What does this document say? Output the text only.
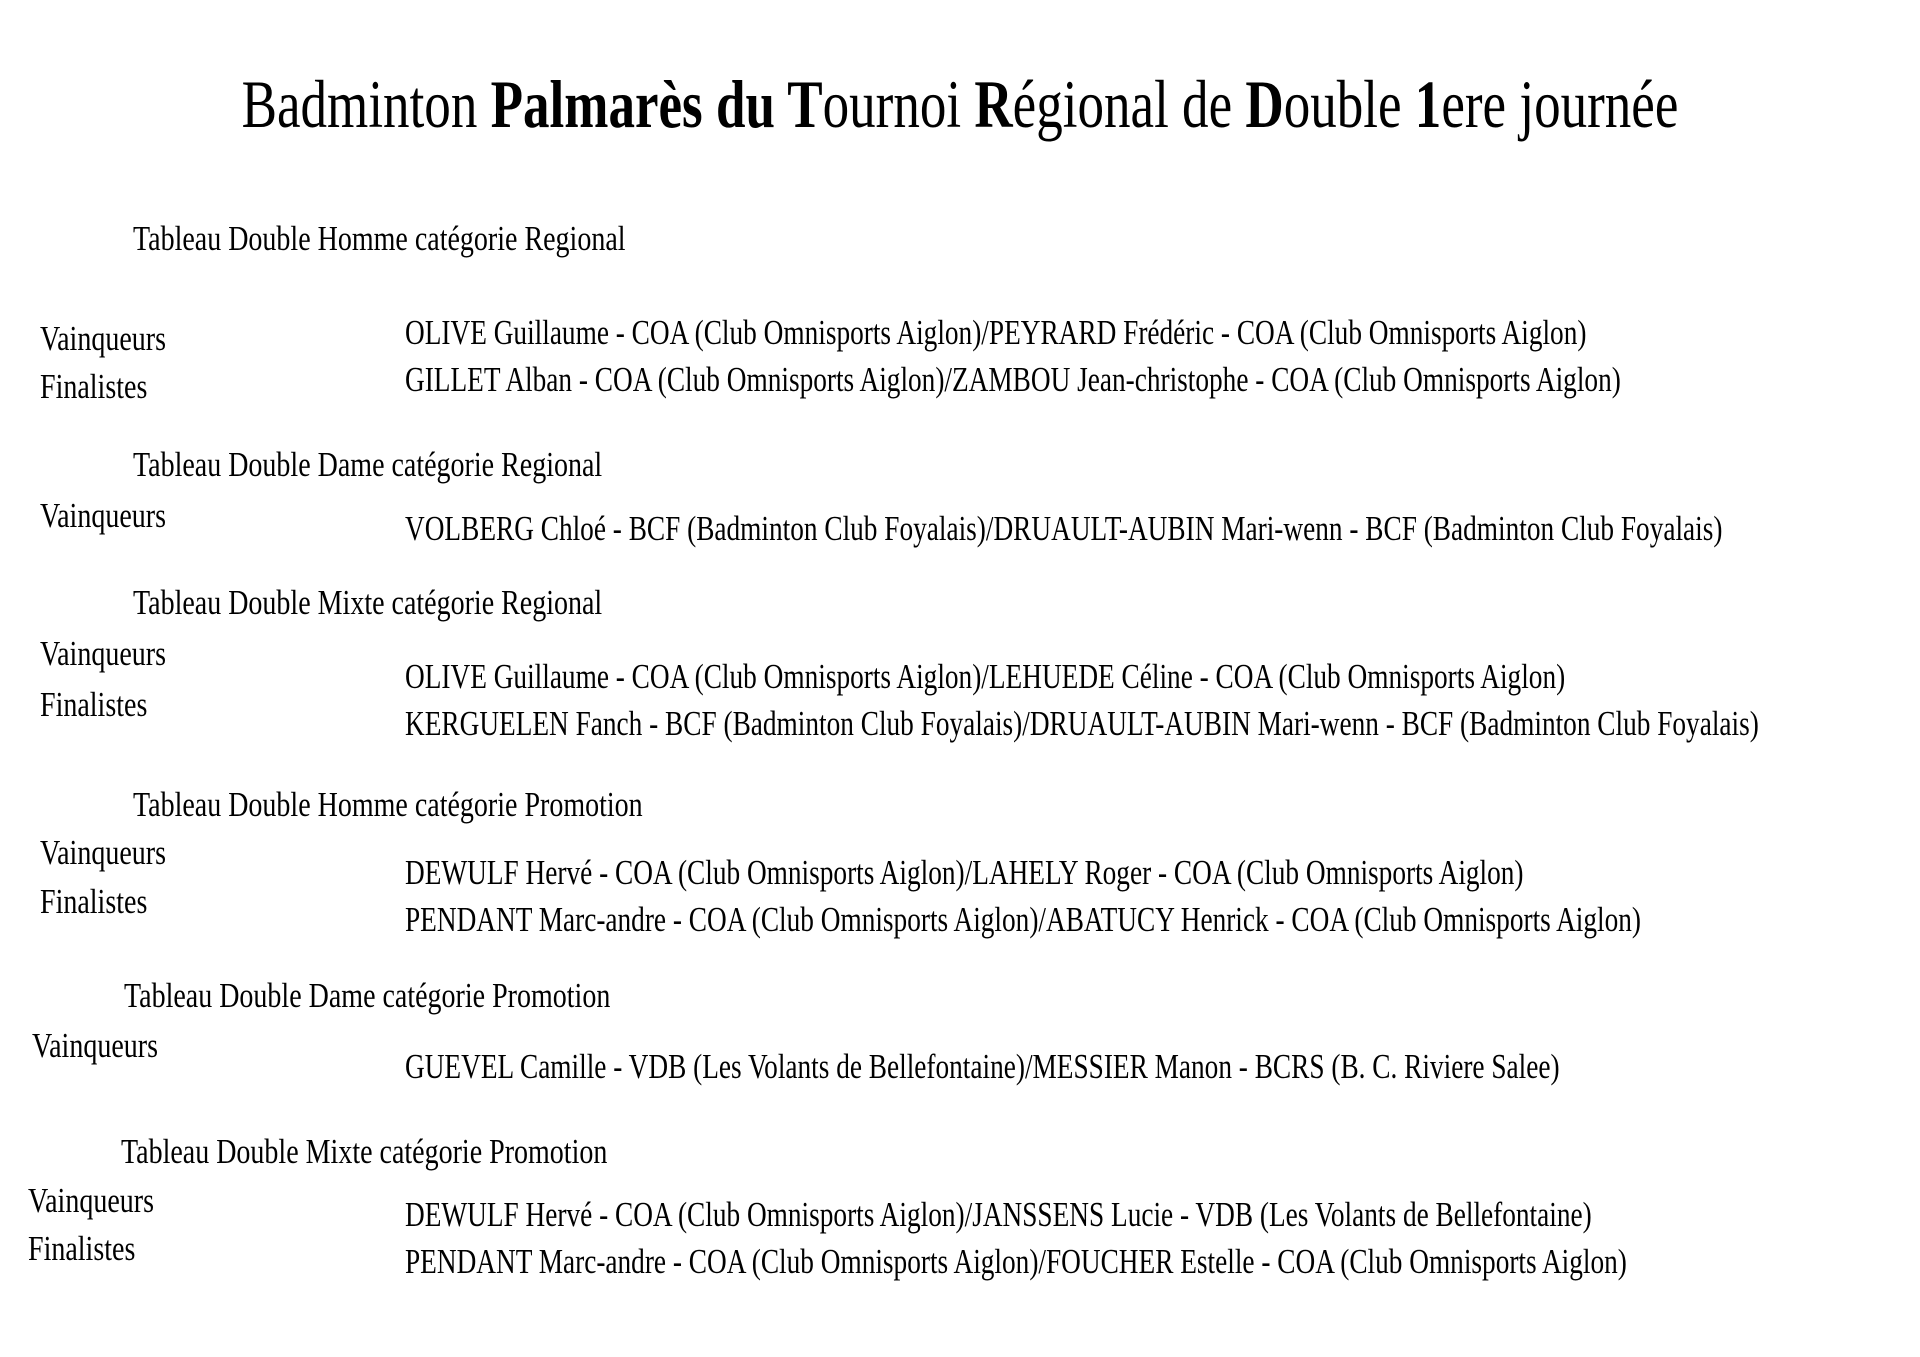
Badminton Palmarès du Tournoi Régional de Double 1ere journée
Tableau Double Homme catégorie Regional
Vainqueurs
Finalistes
OLIVE Guillaume - COA (Club Omnisports Aiglon)/PEYRARD Frédéric - COA (Club Omnisports Aiglon)
GILLET Alban - COA (Club Omnisports Aiglon)/ZAMBOU Jean-christophe - COA (Club Omnisports Aiglon)
Tableau Double Dame catégorie Regional
Vainqueurs	VOLBERG Chloé - BCF (Badminton Club Foyalais)/DRUAULT-AUBIN Mari-wenn - BCF (Badminton Club Foyalais)
Tableau Double Mixte catégorie Regional
Vainqueurs
Finalistes
OLIVE Guillaume - COA (Club Omnisports Aiglon)/LEHUEDE Céline - COA (Club Omnisports Aiglon)
KERGUELEN Fanch - BCF (Badminton Club Foyalais)/DRUAULT-AUBIN Mari-wenn - BCF (Badminton Club Foyalais)
Tableau Double Homme catégorie Promotion
Vainqueurs
Finalistes
DEWULF Hervé - COA (Club Omnisports Aiglon)/LAHELY Roger - COA (Club Omnisports Aiglon)
PENDANT Marc-andre - COA (Club Omnisports Aiglon)/ABATUCY Henrick - COA (Club Omnisports Aiglon)
Tableau Double Dame catégorie Promotion
Vainqueurs
GUEVEL Camille - VDB (Les Volants de Bellefontaine)/MESSIER Manon - BCRS (B. C. Riviere Salee)
Tableau Double Mixte catégorie Promotion
Vainqueurs
Finalistes
DEWULF Hervé - COA (Club Omnisports Aiglon)/JANSSENS Lucie - VDB (Les Volants de Bellefontaine)
PENDANT Marc-andre - COA (Club Omnisports Aiglon)/FOUCHER Estelle - COA (Club Omnisports Aiglon)
